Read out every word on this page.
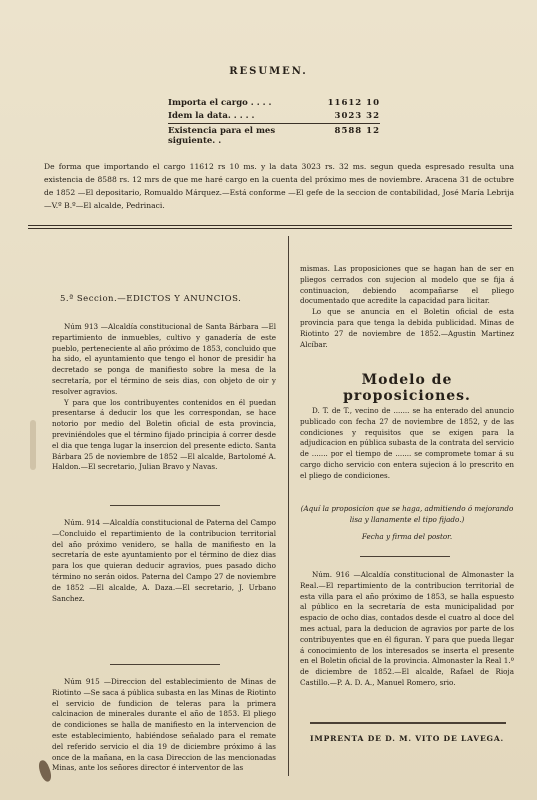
RESUMEN.
Importa el cargo . . . .	11612 10
Idem la data. . . . .	3023 32
Existencia para el mes siguiente. .
8588 12
De forma que importando el cargo 11612 rs 10 ms. y la data 3023 rs. 32 ms. segun queda espresado resulta una existencia de 8588 rs. 12 mrs de que me haré cargo en la cuenta del próximo mes de noviembre. Aracena 31 de octubre de 1852 —El depositario, Romualdo Márquez.—Está conforme —El gefe de la seccion de contabilidad, José María Lebrija —V.º B.º—El alcalde, Pedrinaci.
5.ª Seccion.—EDICTOS Y ANUNCIOS.

Núm 913 —Alcaldía constitucional de Santa Bárbara —El repartimiento de inmuebles, cultivo y ganadería de este pueblo, perteneciente al año próximo de 1853, concluido que ha sido, el ayuntamiento que tengo el honor de presidir ha decretado se ponga de manifiesto sobre la mesa de la secretaría, por el término de seis dias, con objeto de oir y resolver agravios.

Y para que los contribuyentes contenidos en él puedan presentarse á deducir los que les correspondan, se hace notorio por medio del Boletin oficial de esta provincia, previniéndoles que el término fijado principia á correr desde el dia que tenga lugar la insercion del presente edicto. Santa Bárbara 25 de noviembre de 1852 —El alcalde, Bartolomé A. Haldon.—El secretario, Julian Bravo y Navas.

Núm. 914 —Alcaldía constitucional de Paterna del Campo —Concluido el repartimiento de la contribucion territorial del año próximo venidero, se halla de manifiesto en la secretaría de este ayuntamiento por el término de diez dias para los que quieran deducir agravios, pues pasado dicho término no serán oidos. Paterna del Campo 27 de noviembre de 1852 —El alcalde, A. Daza.—El secretario, J. Urbano Sanchez.

Núm 915 —Direccion del establecimiento de Minas de Riotinto —Se saca á pública subasta en las Minas de Riotinto el servicio de fundicion de teleras para la primera calcinacion de minerales durante el año de 1853. El pliego de condiciones se halla de manifiesto en la intervencion de este establecimiento, habiéndose señalado para el remate del referido servicio el dia 19 de diciembre próximo á las once de la mañana, en la casa Direccion de las mencionadas Minas, ante los señores director é interventor de las

mismas. Las proposiciones que se hagan han de ser en pliegos cerrados con sujecion al modelo que se fija á continuacion, debiendo acompañarse el pliego documentado que acredite la capacidad para licitar.

Lo que se anuncia en el Boletin oficial de esta provincia para que tenga la debida publicidad. Minas de Riotinto 27 de noviembre de 1852.—Agustin Martinez Alcíbar.

Modelo de proposiciones.

D. T. de T., vecino de ....... se ha enterado del anuncio publicado con fecha 27 de noviembre de 1852, y de las condiciones y requisitos que se exigen para la adjudicacion en pública subasta de la contrata del servicio de ....... por el tiempo de ....... se compromete tomar á su cargo dicho servicio con entera sujecion á lo prescrito en el pliego de condiciones.

(Aquí la proposicion que se haga, admitiendo ó mejorando lisa y llanamente el tipo fijado.)
Fecha y firma del postor.

Núm. 916 —Alcaldía constitucional de Almonaster la Real.—El repartimiento de la contribucion territorial de esta villa para el año próximo de 1853, se halla espuesto al público en la secretaría de esta municipalidad por espacio de ocho dias, contados desde el cuatro al doce del mes actual, para la deducion de agravios por parte de los contribuyentes que en él figuran. Y para que pueda llegar á conocimiento de los interesados se inserta el presente en el Boletin oficial de la provincia. Almonaster la Real 1.º de diciembre de 1852.—El alcalde, Rafael de Rioja Castillo.—P. A. D. A., Manuel Romero, srio.

IMPRENTA DE D. M. VITO DE LAVEGA.
